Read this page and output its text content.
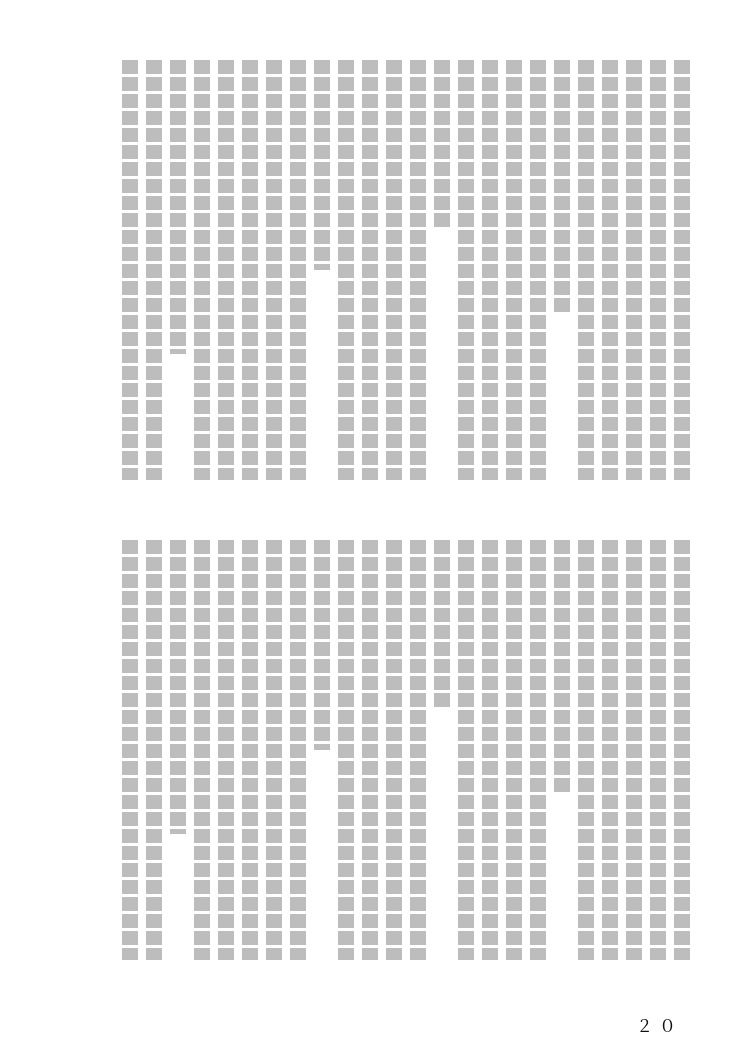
２０
